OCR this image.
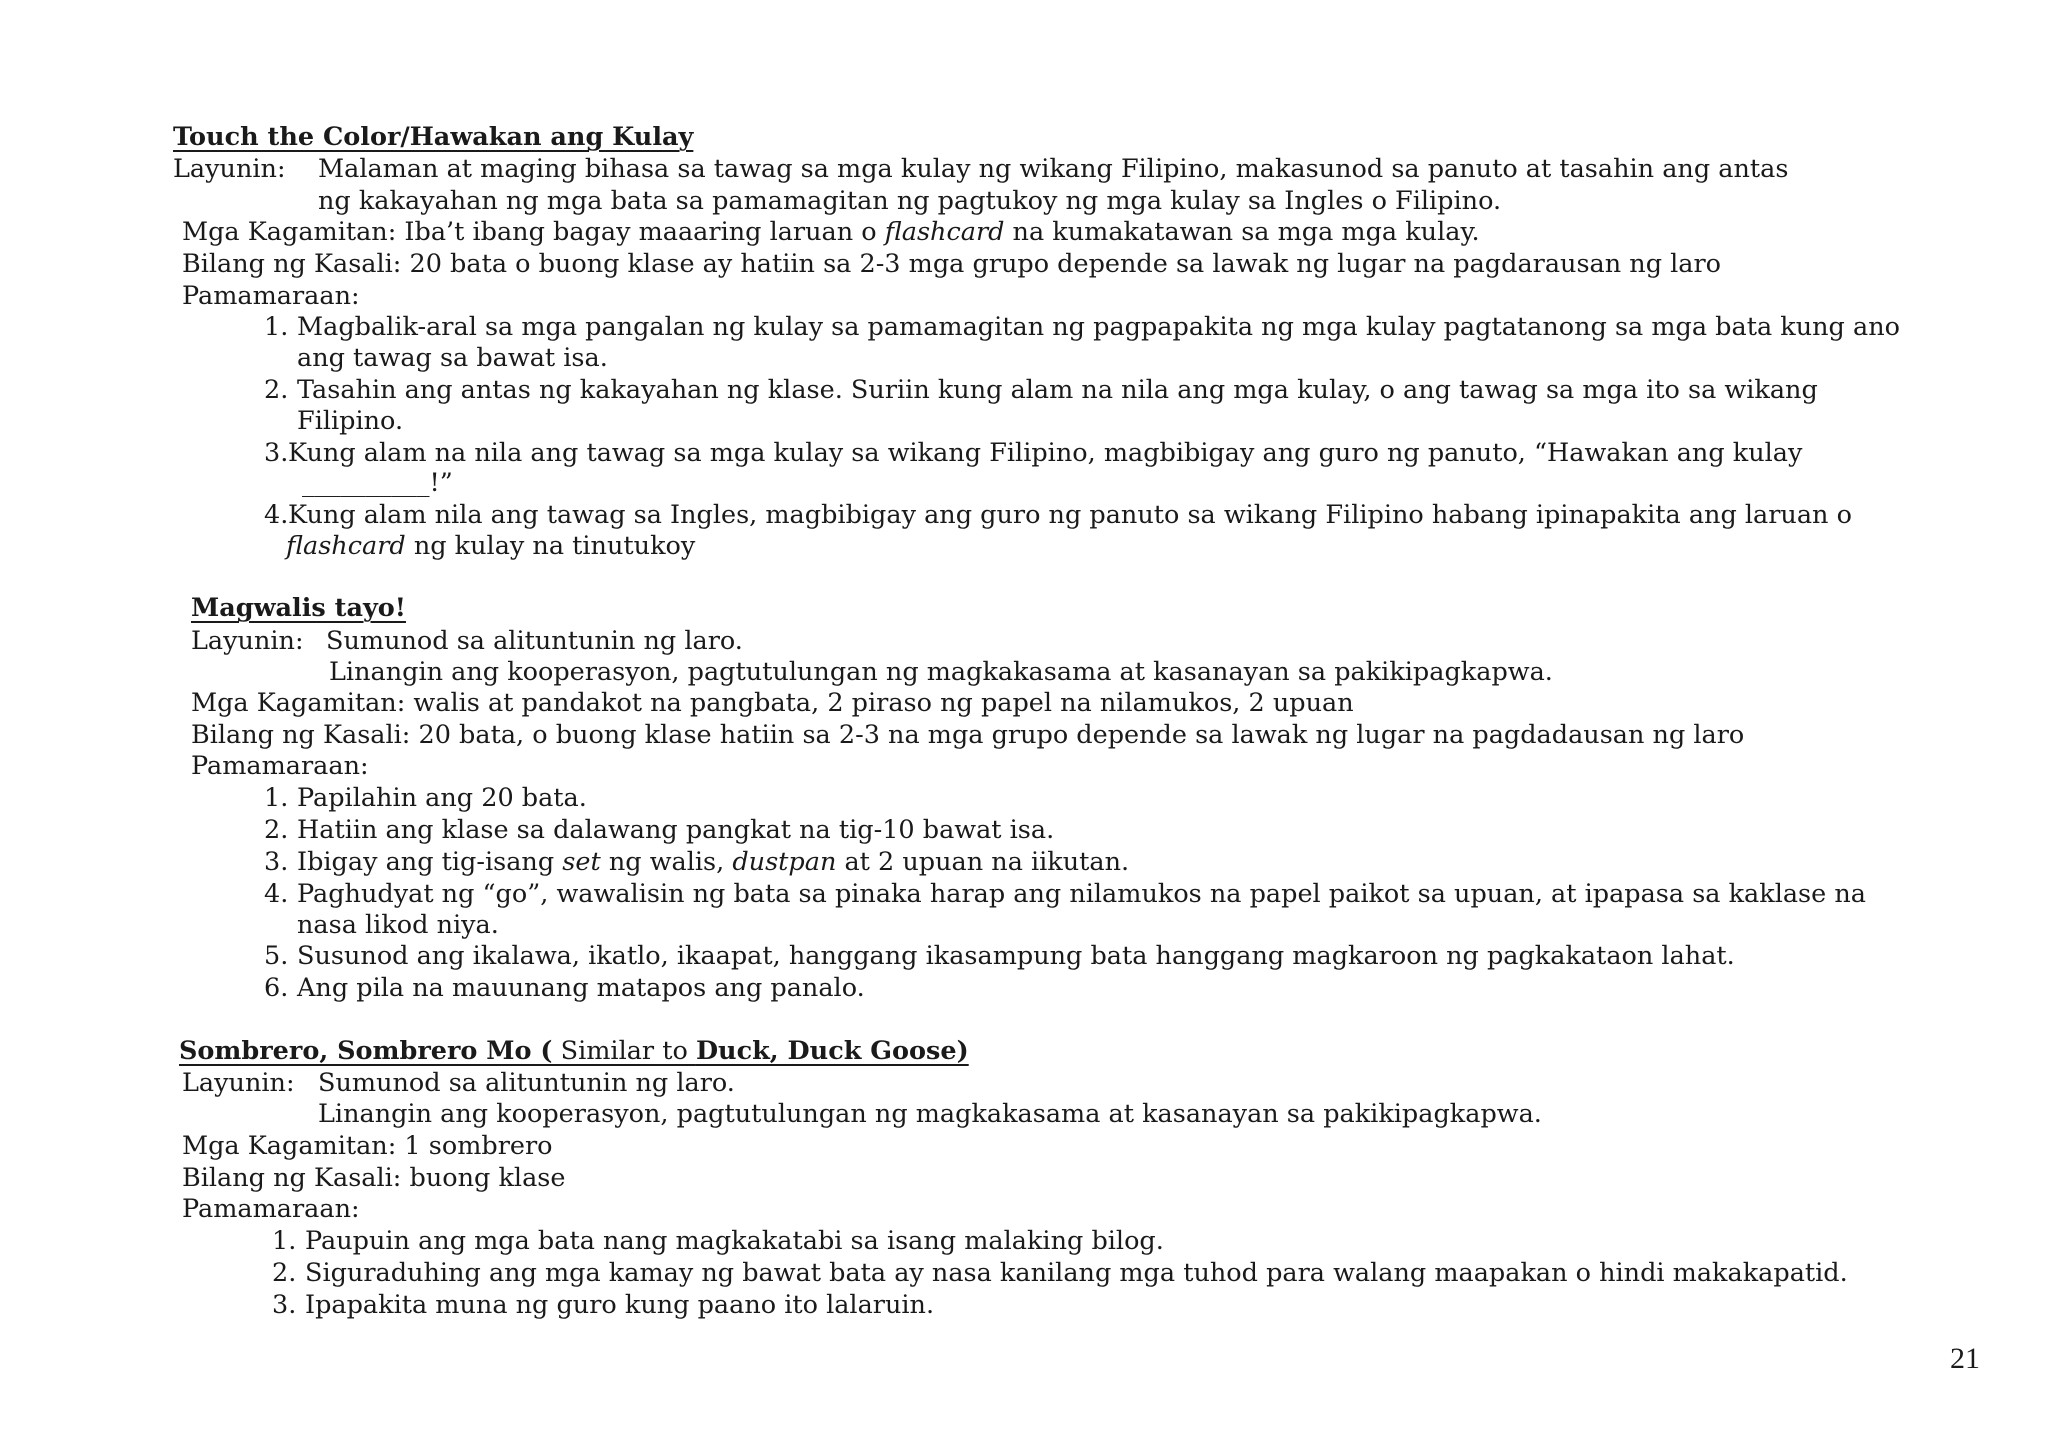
Touch the Color/Hawakan ang Kulay

Layunin: Malaman at maging bihasa sa tawag sa mga kulay ng wikang Filipino, makasunod sa panuto at tasahin ang antas

ng kakayahan ng mga bata sa pamamagitan ng pagtukoy ng mga kulay sa Ingles o Filipino.

Mga Kagamitan: Iba’t ibang bagay maaaring laruan o flashcard na kumakatawan sa mga mga kulay.

Bilang ng Kasali: 20 bata o buong klase ay hatiin sa 2-3 mga grupo depende sa lawak ng lugar na pagdarausan ng laro

Pamamaraan:

1. Magbalik-aral sa mga pangalan ng kulay sa pamamagitan ng pagpapakita ng mga kulay pagtatanong sa mga bata kung ano

ang tawag sa bawat isa.

2. Tasahin ang antas ng kakayahan ng klase. Suriin kung alam na nila ang mga kulay, o ang tawag sa mga ito sa wikang

Filipino.

3. Kung alam na nila ang tawag sa mga kulay sa wikang Filipino, magbibigay ang guro ng panuto, “Hawakan ang kulay

__________!”

4. Kung alam nila ang tawag sa Ingles, magbibigay ang guro ng panuto sa wikang Filipino habang ipinapakita ang laruan o

flashcard ng kulay na tinutukoy

Magwalis tayo!

Layunin: Sumunod sa alituntunin ng laro.

Linangin ang kooperasyon, pagtutulungan ng magkakasama at kasanayan sa pakikipagkapwa.

Mga Kagamitan: walis at pandakot na pangbata, 2 piraso ng papel na nilamukos, 2 upuan

Bilang ng Kasali: 20 bata, o buong klase hatiin sa 2-3 na mga grupo depende sa lawak ng lugar na pagdadausan ng laro

Pamamaraan:

1. Papilahin ang 20 bata.

2. Hatiin ang klase sa dalawang pangkat na tig-10 bawat isa.

3. Ibigay ang tig-isang set ng walis, dustpan at 2 upuan na iikutan.

4. Paghudyat ng “go”, wawalisin ng bata sa pinaka harap ang nilamukos na papel paikot sa upuan, at ipapasa sa kaklase na

nasa likod niya.

5. Susunod ang ikalawa, ikatlo, ikaapat, hanggang ikasampung bata hanggang magkaroon ng pagkakataon lahat.

6. Ang pila na mauunang matapos ang panalo.

Sombrero, Sombrero Mo ( Similar to Duck, Duck Goose)

Layunin: Sumunod sa alituntunin ng laro.

Linangin ang kooperasyon, pagtutulungan ng magkakasama at kasanayan sa pakikipagkapwa.

Mga Kagamitan: 1 sombrero

Bilang ng Kasali: buong klase

Pamamaraan:

1. Paupuin ang mga bata nang magkakatabi sa isang malaking bilog.

2. Siguraduhing ang mga kamay ng bawat bata ay nasa kanilang mga tuhod para walang maapakan o hindi makakapatid.

3. Ipapakita muna ng guro kung paano ito lalaruin.

21
